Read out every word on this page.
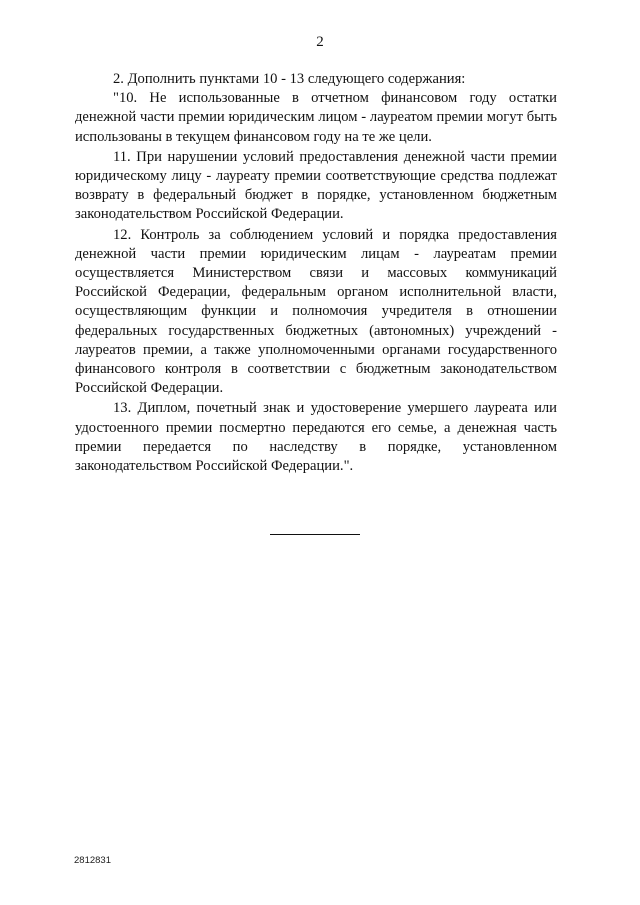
2

2. Дополнить пунктами 10 - 13 следующего содержания:

"10. Не использованные в отчетном финансовом году остатки денежной части премии юридическим лицом - лауреатом премии могут быть использованы в текущем финансовом году на те же цели.

11. При нарушении условий предоставления денежной части премии юридическому лицу - лауреату премии соответствующие средства подлежат возврату в федеральный бюджет в порядке, установленном бюджетным законодательством Российской Федерации.

12. Контроль за соблюдением условий и порядка предоставления денежной части премии юридическим лицам - лауреатам премии осуществляется Министерством связи и массовых коммуникаций Российской Федерации, федеральным органом исполнительной власти, осуществляющим функции и полномочия учредителя в отношении федеральных государственных бюджетных (автономных) учреждений - лауреатов премии, а также уполномоченными органами государственного финансового контроля в соответствии с бюджетным законодательством Российской Федерации.

13. Диплом, почетный знак и удостоверение умершего лауреата или удостоенного премии посмертно передаются его семье, а денежная часть премии передается по наследству в порядке, установленном законодательством Российской Федерации.".

2812831
